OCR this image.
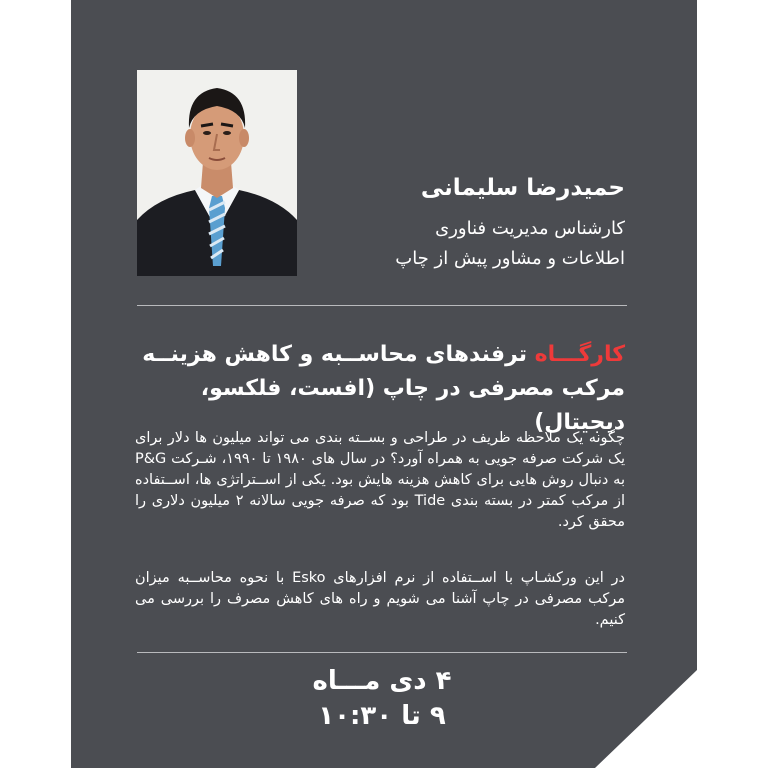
حمیدرضا سلیمانی
کارشناس مدیریت فناوری
اطلاعات و مشاور پیش از چاپ
کارگـــاه ترفندهای محاســبه و کاهش هزینــه
مرکب مصرفی در چاپ (افست، فلکسو، دیجیتال)

چگونه یک ملاحظه ظریف در طراحی و بســته بندی می تواند میلیون ها دلار برای یک شرکت صرفه جویی به همراه آورد؟ در سال های ۱۹۸۰ تا ۱۹۹۰، شـرکت P&G به دنبال روش هایی برای کاهش هزینه هایش بود. یکی از اســتراتژی ها، اســتفاده از مرکب کمتر در بسته بندی Tide بود که صرفه جویی سالانه ۲ میلیون دلاری را محقق کرد.

در این ورکشـاپ با اســتفاده از نرم افزارهای Esko با نحوه محاســبه میزان مرکب مصرفی در چاپ آشنا می شویم و راه های کاهش مصرف را بررسی می کنیم.

۴ دی مـــاه
۹ تا ۱۰:۳۰
